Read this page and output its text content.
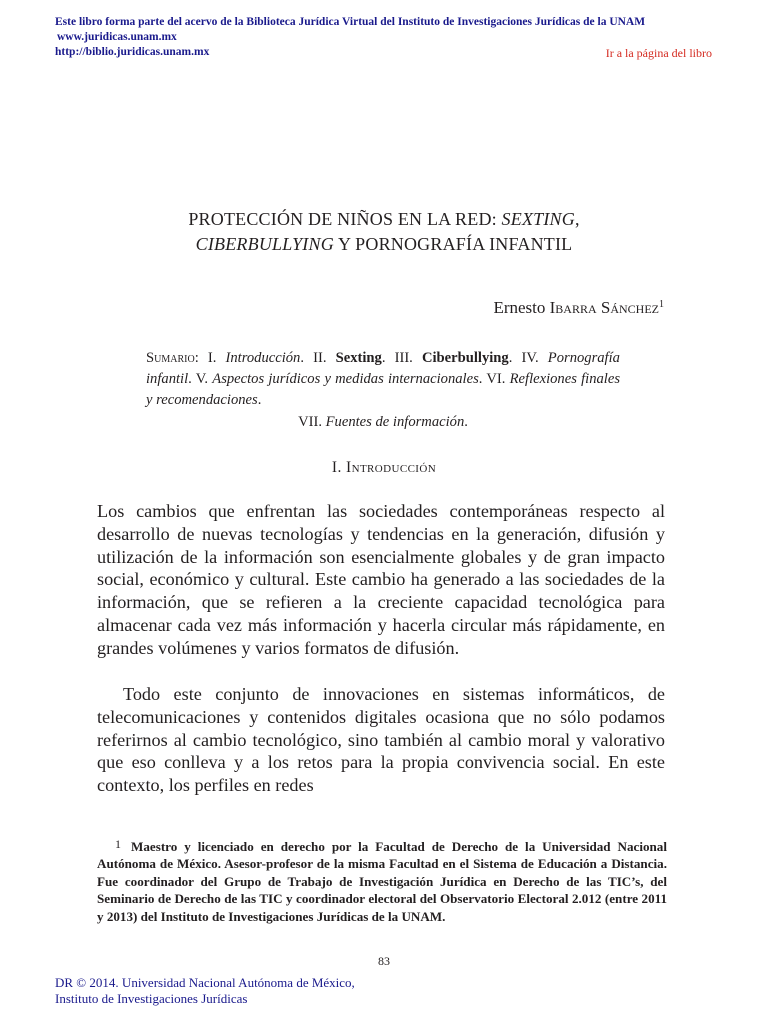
Este libro forma parte del acervo de la Biblioteca Jurídica Virtual del Instituto de Investigaciones Jurídicas de la UNAM
www.juridicas.unam.mx
http://biblio.juridicas.unam.mx	Ir a la página del libro
PROTECCIÓN DE NIÑOS EN LA RED: SEXTING,
CIBERBULLYING Y PORNOGRAFÍA INFANTIL
Ernesto Ibarra Sánchez$^1$
Sumario: I. Introducción. II. Sexting. III. Ciberbullying. IV. Pornografía infantil. V. Aspectos jurídicos y medidas internacionales. VI. Reflexiones finales y recomendaciones.
VII. Fuentes de información.
I. Introducción
Los cambios que enfrentan las sociedades contemporáneas respecto al desarrollo de nuevas tecnologías y tendencias en la generación, difusión y utilización de la información son esencialmente globales y de gran impacto social, económico y cultural. Este cambio ha generado a las sociedades de la información, que se refieren a la creciente capacidad tecnológica para almacenar cada vez más información y hacerla circular más rápidamente, en grandes volúmenes y varios formatos de difusión.
Todo este conjunto de innovaciones en sistemas informáticos, de telecomunicaciones y contenidos digitales ocasiona que no sólo podamos referirnos al cambio tecnológico, sino también al cambio moral y valorativo que eso conlleva y a los retos para la propia convivencia social. En este contexto, los perfiles en redes
1 Maestro y licenciado en derecho por la Facultad de Derecho de la Universidad Nacional Autónoma de México. Asesor-profesor de la misma Facultad en el Sistema de Educación a Distancia. Fue coordinador del Grupo de Trabajo de Investigación Jurídica en Derecho de las TIC’s, del Seminario de Derecho de las TIC y coordinador electoral del Observatorio Electoral 2.012 (entre 2011 y 2013) del Instituto de Investigaciones Jurídicas de la UNAM.
83
DR © 2014. Universidad Nacional Autónoma de México,
Instituto de Investigaciones Jurídicas
